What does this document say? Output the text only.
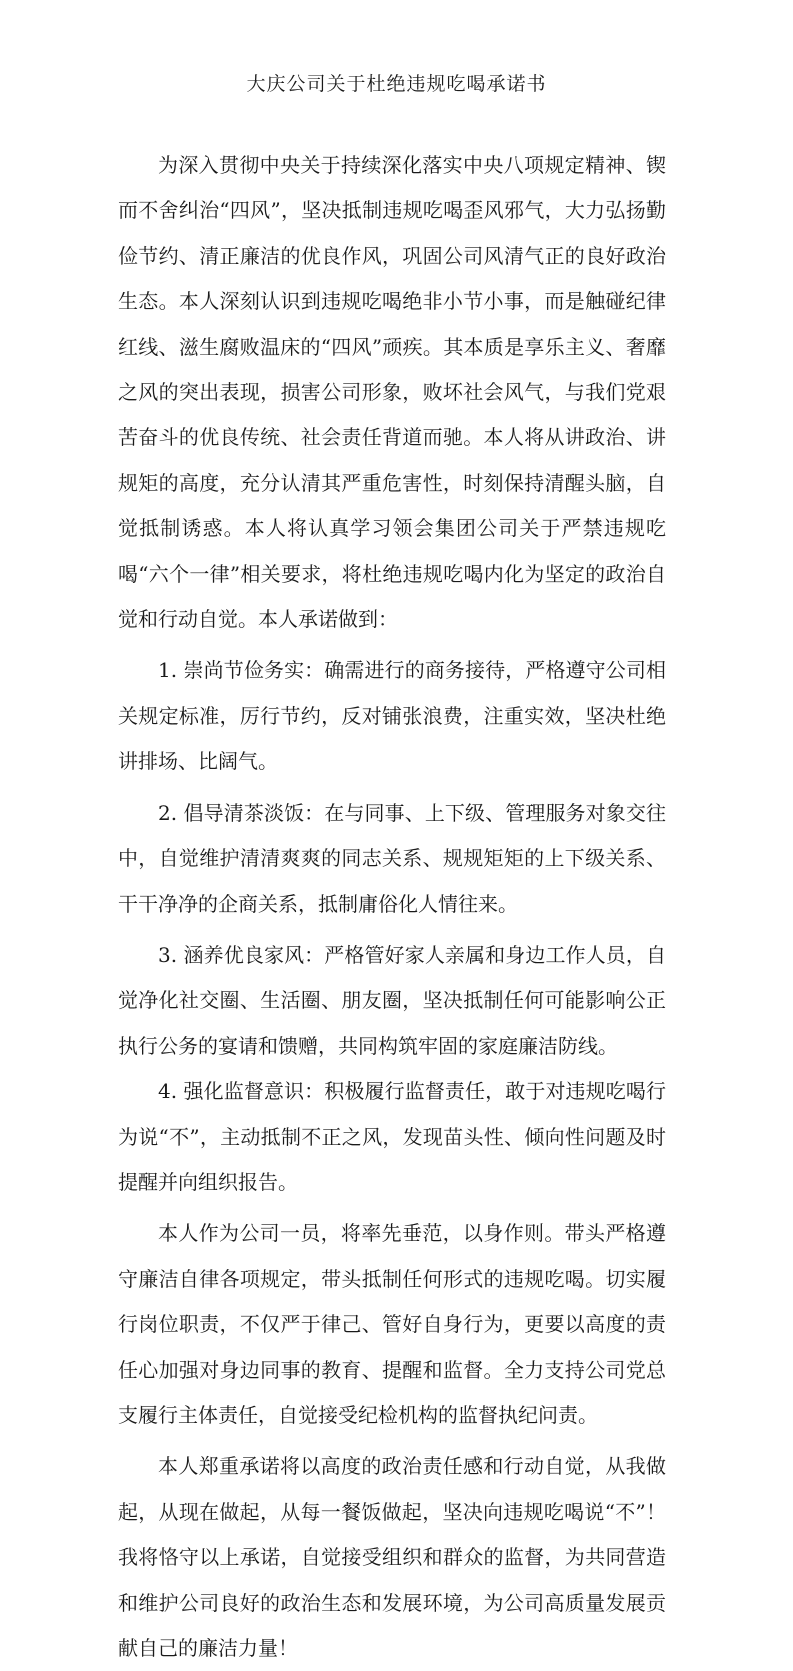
大庆公司关于杜绝违规吃喝承诺书

为深入贯彻中央关于持续深化落实中央八项规定精神、锲而不舍纠治“四风”，坚决抵制违规吃喝歪风邪气，大力弘扬勤俭节约、清正廉洁的优良作风，巩固公司风清气正的良好政治生态。本人深刻认识到违规吃喝绝非小节小事，而是触碰纪律红线、滋生腐败温床的“四风”顽疾。其本质是享乐主义、奢靡之风的突出表现，损害公司形象，败坏社会风气，与我们党艰苦奋斗的优良传统、社会责任背道而驰。本人将从讲政治、讲规矩的高度，充分认清其严重危害性，时刻保持清醒头脑，自觉抵制诱惑。本人将认真学习领会集团公司关于严禁违规吃喝“六个一律”相关要求，将杜绝违规吃喝内化为坚定的政治自觉和行动自觉。本人承诺做到：

1. 崇尚节俭务实：确需进行的商务接待，严格遵守公司相关规定标准，厉行节约，反对铺张浪费，注重实效，坚决杜绝讲排场、比阔气。

2. 倡导清茶淡饭：在与同事、上下级、管理服务对象交往中，自觉维护清清爽爽的同志关系、规规矩矩的上下级关系、干干净净的企商关系，抵制庸俗化人情往来。

3. 涵养优良家风：严格管好家人亲属和身边工作人员，自觉净化社交圈、生活圈、朋友圈，坚决抵制任何可能影响公正执行公务的宴请和馈赠，共同构筑牢固的家庭廉洁防线。

4. 强化监督意识：积极履行监督责任，敢于对违规吃喝行为说“不”，主动抵制不正之风，发现苗头性、倾向性问题及时提醒并向组织报告。

本人作为公司一员，将率先垂范，以身作则。带头严格遵守廉洁自律各项规定，带头抵制任何形式的违规吃喝。切实履行岗位职责，不仅严于律己、管好自身行为，更要以高度的责任心加强对身边同事的教育、提醒和监督。全力支持公司党总支履行主体责任，自觉接受纪检机构的监督执纪问责。

本人郑重承诺将以高度的政治责任感和行动自觉，从我做起，从现在做起，从每一餐饭做起，坚决向违规吃喝说“不”！我将恪守以上承诺，自觉接受组织和群众的监督，为共同营造和维护公司良好的政治生态和发展环境，为公司高质量发展贡献自己的廉洁力量！
